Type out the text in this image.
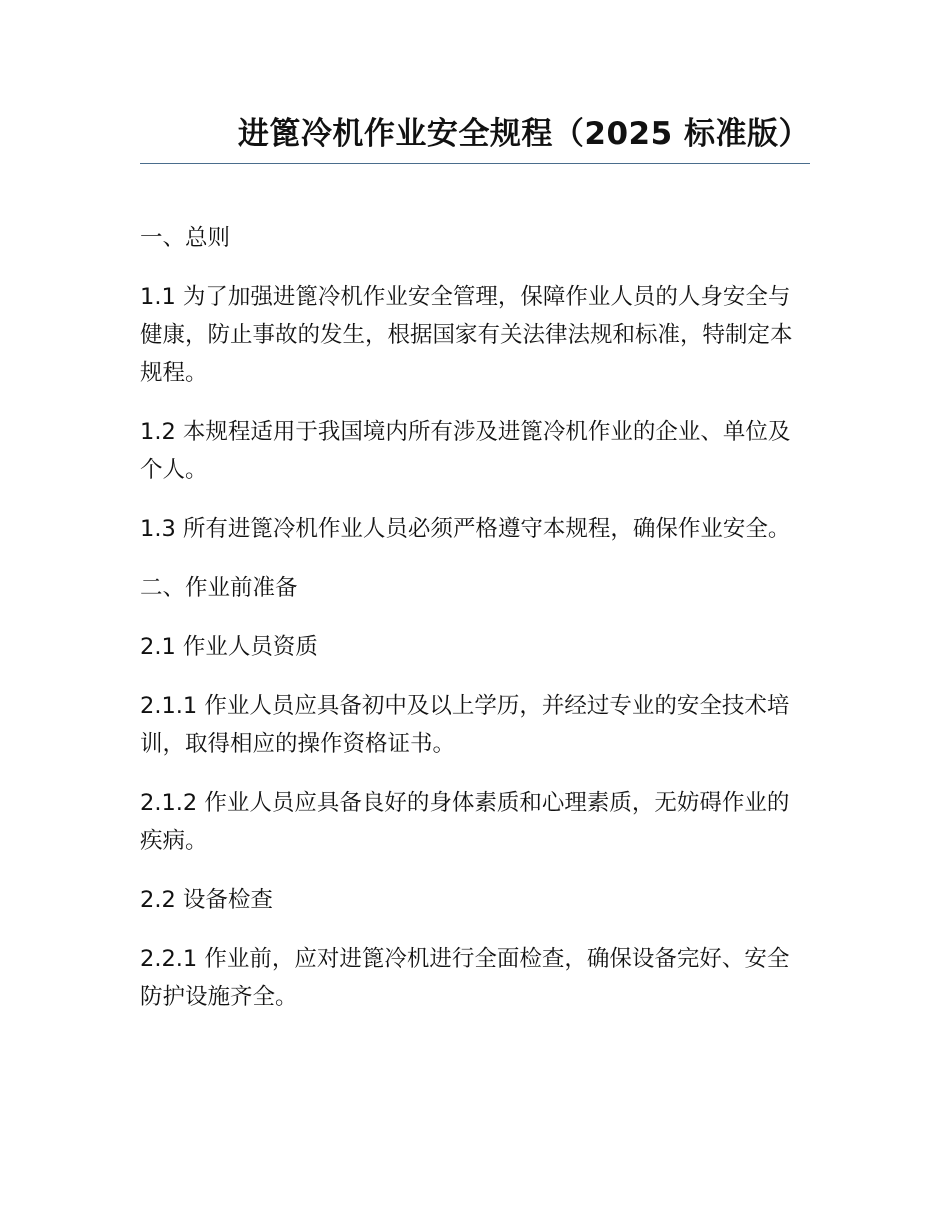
进篦冷机作业安全规程（2025 标准版）

一、总则

1.1 为了加强进篦冷机作业安全管理，保障作业人员的人身安全与健康，防止事故的发生，根据国家有关法律法规和标准，特制定本规程。

1.2 本规程适用于我国境内所有涉及进篦冷机作业的企业、单位及个人。

1.3 所有进篦冷机作业人员必须严格遵守本规程，确保作业安全。

二、作业前准备

2.1 作业人员资质

2.1.1 作业人员应具备初中及以上学历，并经过专业的安全技术培训，取得相应的操作资格证书。

2.1.2 作业人员应具备良好的身体素质和心理素质，无妨碍作业的疾病。

2.2 设备检查

2.2.1 作业前，应对进篦冷机进行全面检查，确保设备完好、安全防护设施齐全。
